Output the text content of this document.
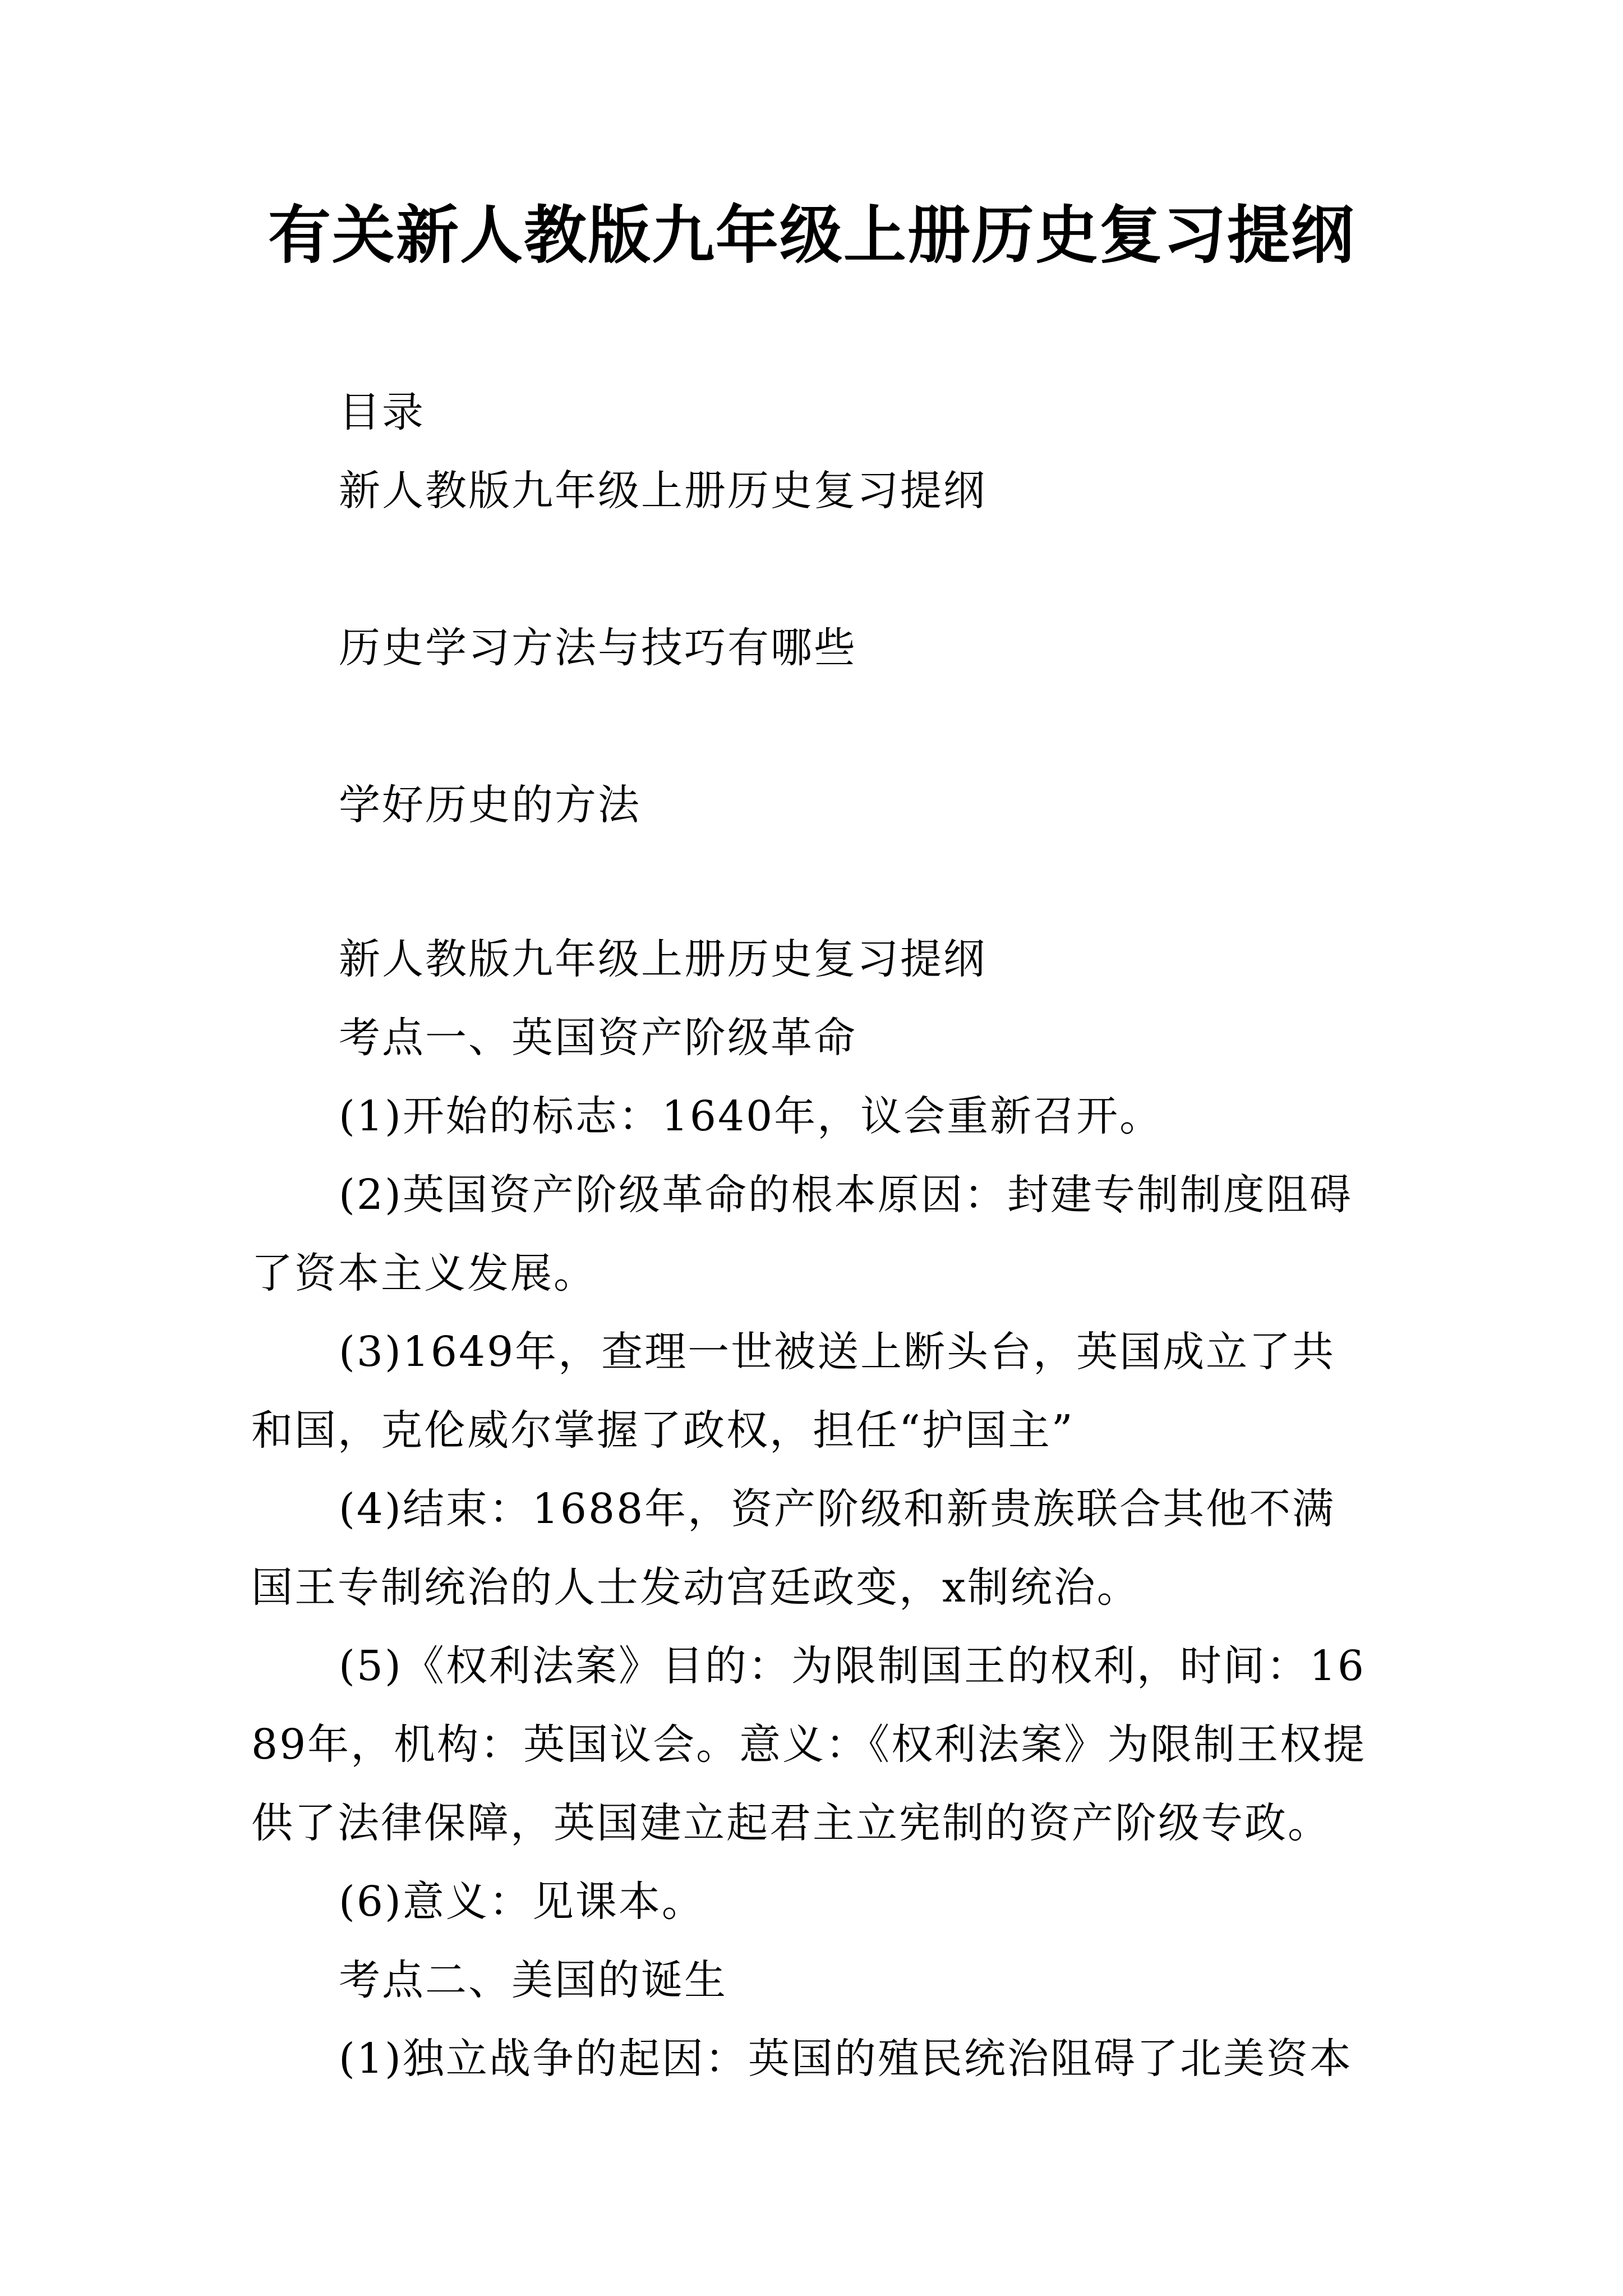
有关新人教版九年级上册历史复习提纲

目录

新人教版九年级上册历史复习提纲

历史学习方法与技巧有哪些

学好历史的方法

新人教版九年级上册历史复习提纲

考点一、英国资产阶级革命

(1)开始的标志：1640年，议会重新召开。

(2)英国资产阶级革命的根本原因：封建专制制度阻碍了资本主义发展。

(3)1649年，查理一世被送上断头台，英国成立了共和国，克伦威尔掌握了政权，担任“护国主”

(4)结束：1688年，资产阶级和新贵族联合其他不满国王专制统治的人士发动宫廷政变，x制统治。

(5)《权利法案》目的：为限制国王的权利，时间：1689年，机构：英国议会。意义：《权利法案》为限制王权提供了法律保障，英国建立起君主立宪制的资产阶级专政。

(6)意义：见课本。

考点二、美国的诞生

(1)独立战争的起因：英国的殖民统治阻碍了北美资本
